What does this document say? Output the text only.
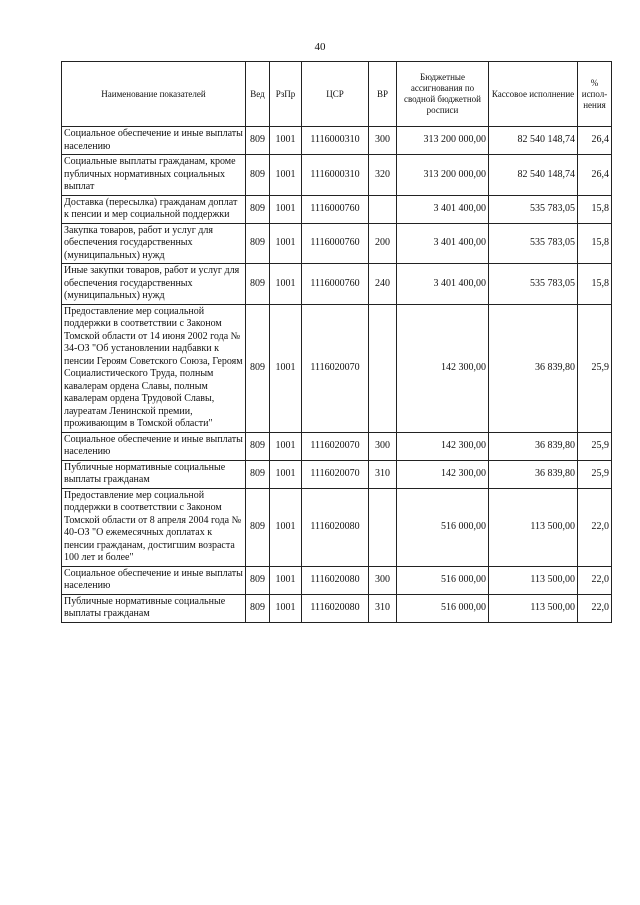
40
Наименование показателей	Вед	РзПр	ЦСР	ВР	Бюджетные ассигнования по сводной бюджетной росписи	Кассовое исполнение	% испол-нения
Социальное обеспечение и иные выплаты населению	809	1001	1116000310	300	313 200 000,00	82 540 148,74	26,4
Социальные выплаты гражданам, кроме публичных нормативных социальных выплат	809	1001	1116000310	320	313 200 000,00	82 540 148,74	26,4
Доставка (пересылка) гражданам доплат к пенсии и мер социальной поддержки	809	1001	1116000760		3 401 400,00	535 783,05	15,8
Закупка товаров, работ и услуг для обеспечения государственных (муниципальных) нужд	809	1001	1116000760	200	3 401 400,00	535 783,05	15,8
Иные закупки товаров, работ и услуг для обеспечения государственных (муниципальных) нужд	809	1001	1116000760	240	3 401 400,00	535 783,05	15,8
Предоставление мер социальной поддержки в соответствии с Законом Томской области от 14 июня 2002 года № 34-ОЗ "Об установлении надбавки к пенсии Героям Советского Союза, Героям Социалистического Труда, полным кавалерам ордена Славы, полным кавалерам ордена Трудовой Славы, лауреатам Ленинской премии, проживающим в Томской области"	809	1001	1116020070		142 300,00	36 839,80	25,9
Социальное обеспечение и иные выплаты населению	809	1001	1116020070	300	142 300,00	36 839,80	25,9
Публичные нормативные социальные выплаты гражданам	809	1001	1116020070	310	142 300,00	36 839,80	25,9
Предоставление мер социальной поддержки в соответствии с Законом Томской области от 8 апреля 2004 года № 40-ОЗ "О ежемесячных доплатах к пенсии гражданам, достигшим возраста 100 лет и более"	809	1001	1116020080		516 000,00	113 500,00	22,0
Социальное обеспечение и иные выплаты населению	809	1001	1116020080	300	516 000,00	113 500,00	22,0
Публичные нормативные социальные выплаты гражданам	809	1001	1116020080	310	516 000,00	113 500,00	22,0
